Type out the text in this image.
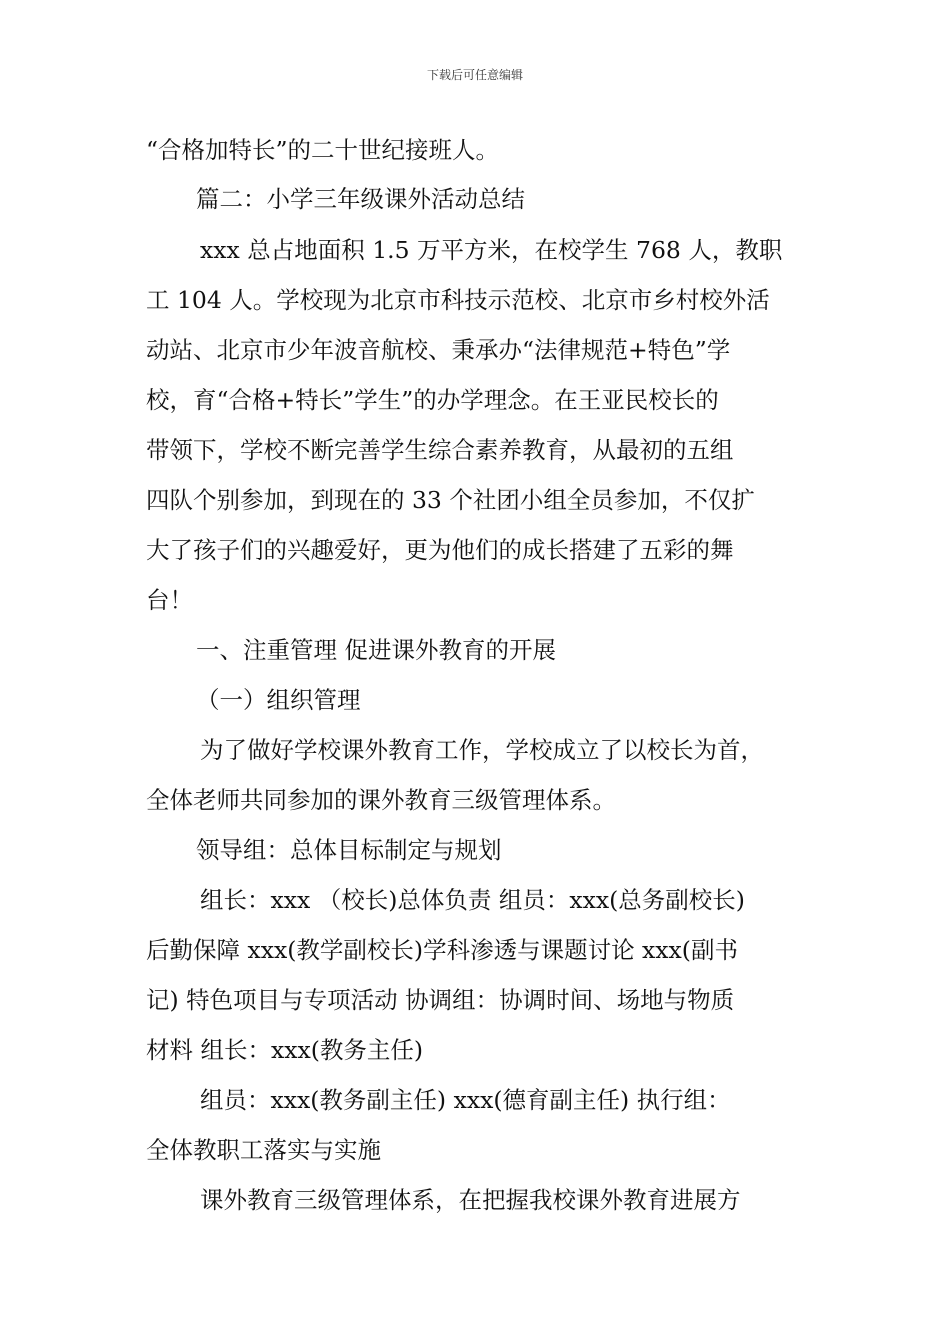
下载后可任意编辑
“合格加特长”的二十世纪接班人。
篇二：小学三年级课外活动总结
xxx 总占地面积 1.5 万平方米，在校学生 768 人，教职
工 104 人。学校现为北京市科技示范校、北京市乡村校外活
动站、北京市少年波音航校、秉承办“法律规范+特色”学
校，育“合格+特长”学生”的办学理念。在王亚民校长的
带领下，学校不断完善学生综合素养教育，从最初的五组
四队个别参加，到现在的 33 个社团小组全员参加，不仅扩
大了孩子们的兴趣爱好，更为他们的成长搭建了五彩的舞
台！
一、注重管理 促进课外教育的开展
（一）组织管理
为了做好学校课外教育工作，学校成立了以校长为首，
全体老师共同参加的课外教育三级管理体系。
领导组：总体目标制定与规划
组长：xxx （校长)总体负责 组员：xxx(总务副校长)
后勤保障 xxx(教学副校长)学科渗透与课题讨论 xxx(副书
记) 特色项目与专项活动 协调组：协调时间、场地与物质
材料 组长：xxx(教务主任)
组员：xxx(教务副主任) xxx(德育副主任) 执行组：
全体教职工落实与实施
课外教育三级管理体系，在把握我校课外教育进展方
